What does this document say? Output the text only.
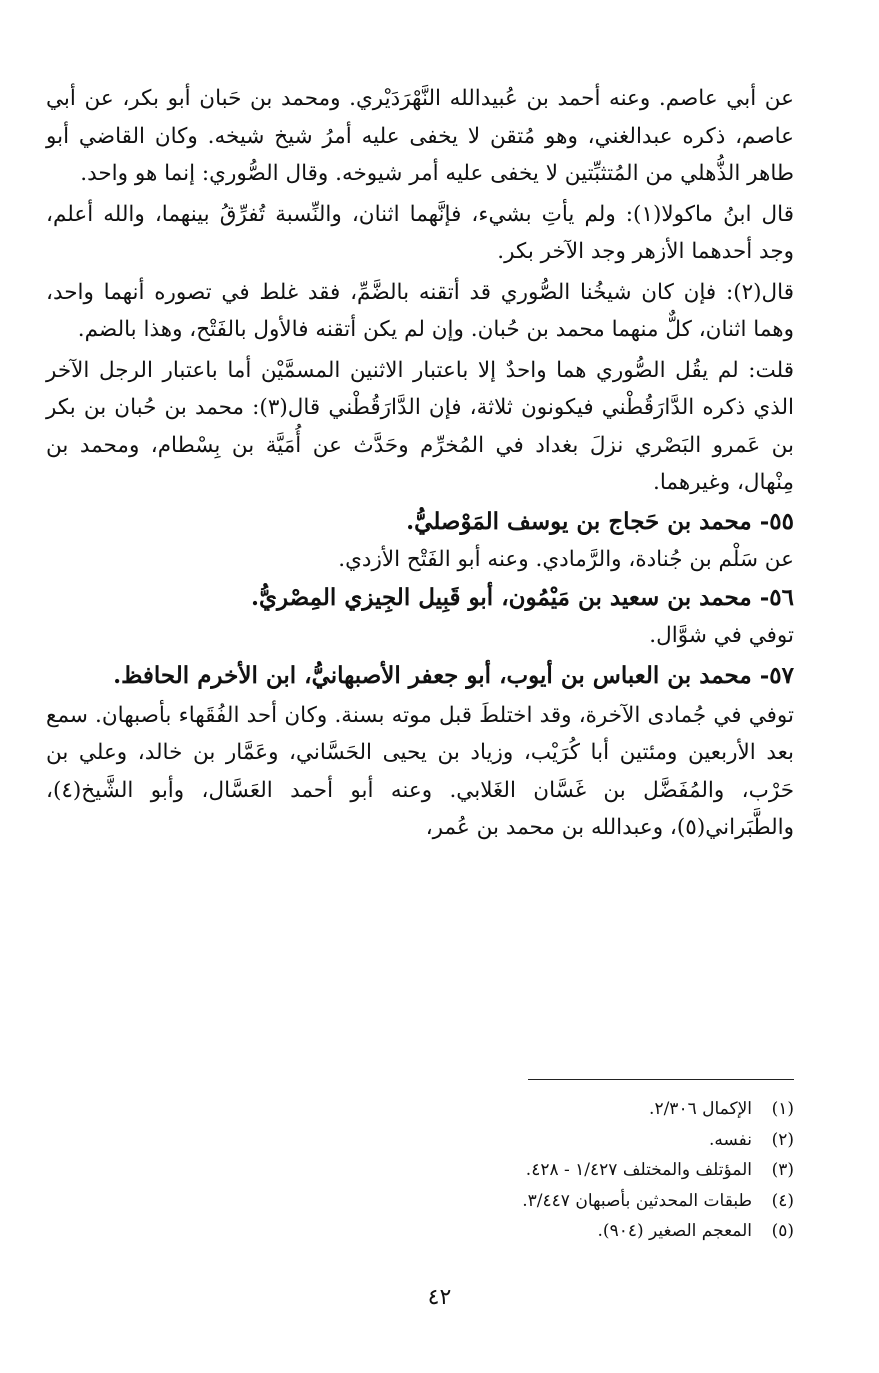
عن أبي عاصم. وعنه أحمد بن عُبيدالله النَّهْرَدَيْري. ومحمد بن حَبان أبو بكر، عن أبي عاصم، ذكره عبدالغني، وهو مُتقن لا يخفى عليه أمرُ شيخ شيخه. وكان القاضي أبو طاهر الذُّهلي من المُتثبِّتين لا يخفى عليه أمر شيوخه. وقال الصُّوري: إنما هو واحد.

قال ابنُ ماكولا(١): ولم يأتِ بشيء، فإنَّهما اثنان، والنِّسبة تُفرِّقُ بينهما، والله أعلم، وجد أحدهما الأزهر وجد الآخر بكر.

قال(٢): فإن كان شيخُنا الصُّوري قد أتقنه بالضَّمِّ، فقد غلط في تصوره أنهما واحد، وهما اثنان، كلٌّ منهما محمد بن حُبان. وإن لم يكن أتقنه فالأول بالفَتْح، وهذا بالضم.

قلت: لم يقُل الصُّوري هما واحدٌ إلا باعتبار الاثنين المسمَّيْن أما باعتبار الرجل الآخر الذي ذكره الدَّارَقُطْني فيكونون ثلاثة، فإن الدَّارَقُطْني قال(٣): محمد بن حُبان بن بكر بن عَمرو البَصْري نزلَ بغداد في المُخرِّم وحَدَّث عن أُمَيَّة بن بِسْطام، ومحمد بن مِنْهال، وغيرهما.

٥٥- محمد بن حَجاج بن يوسف المَوْصليُّ.

عن سَلْم بن جُنادة، والرَّمادي. وعنه أبو الفَتْح الأزدي.

٥٦- محمد بن سعيد بن مَيْمُون، أبو قَبِيل الجِيزي المِصْريُّ.

توفي في شوَّال.

٥٧- محمد بن العباس بن أيوب، أبو جعفر الأصبهانيُّ، ابن الأخرم الحافظ.

توفي في جُمادى الآخرة، وقد اختلطَ قبل موته بسنة. وكان أحد الفُقَهاء بأصبهان. سمع بعد الأربعين ومئتين أبا كُرَيْب، وزياد بن يحيى الحَسَّاني، وعَمَّار بن خالد، وعلي بن حَرْب، والمُفَضَّل بن غَسَّان الغَلابي. وعنه أبو أحمد العَسَّال، وأبو الشَّيخ(٤)، والطَّبَراني(٥)، وعبدالله بن محمد بن عُمر،

(١)
الإكمال ٢/٣٠٦.
(٢)
نفسه.
(٣)
المؤتلف والمختلف ١/٤٢٧ - ٤٢٨.
(٤)
طبقات المحدثين بأصبهان ٣/٤٤٧.
(٥)
المعجم الصغير (٩٠٤).
٤٢
